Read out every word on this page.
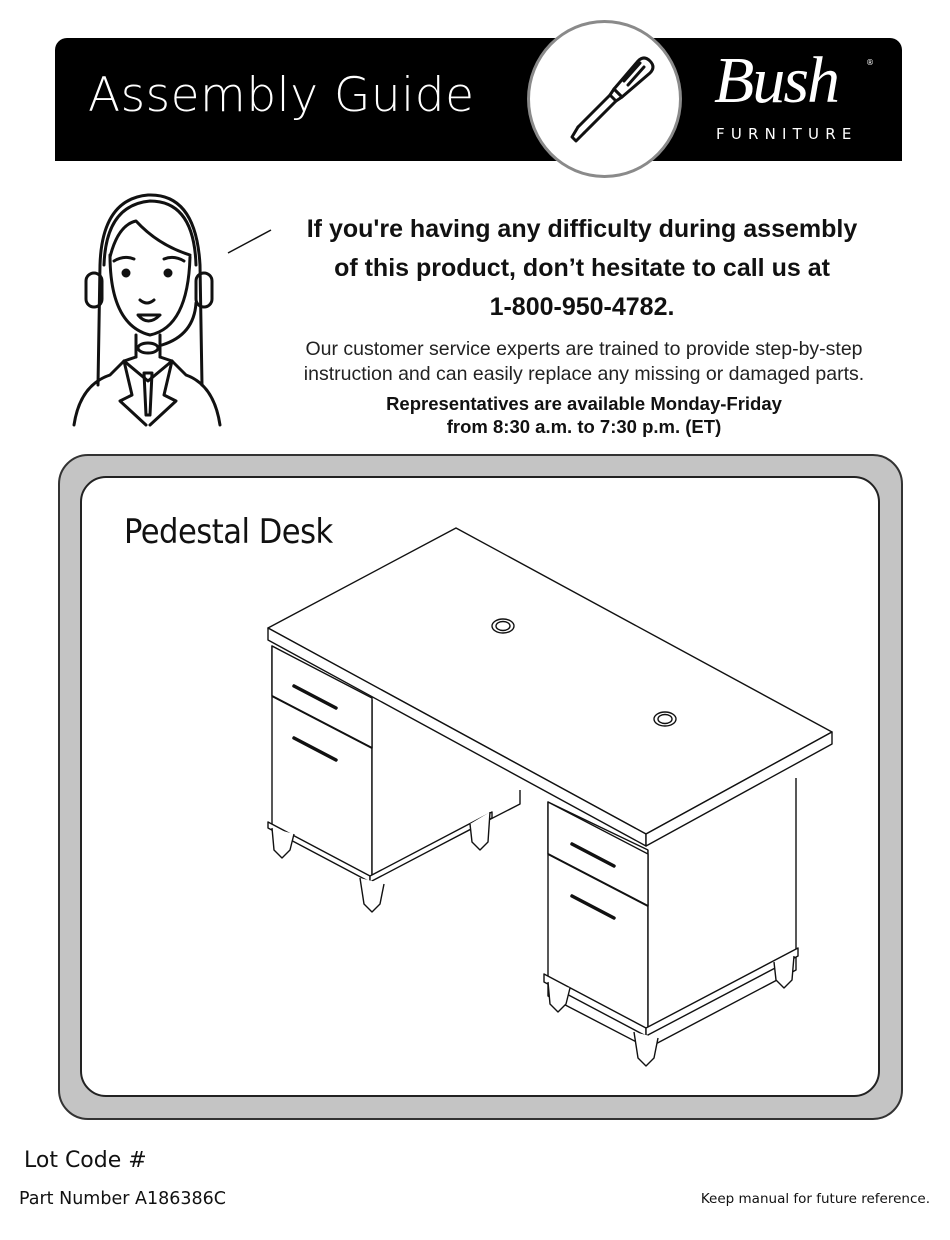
Assembly Guide	Bush	®
FURNITURE
If you're having any difficulty during assembly
of this product, don’t hesitate to call us at
1-800-950-4782.
Our customer service experts are trained to provide step-by-step
instruction and can easily replace any missing or damaged parts.
Representatives are available Monday-Friday
from 8:30 a.m. to 7:30 p.m. (ET)
Pedestal Desk
Lot Code #
Part Number A186386C	Keep manual for future reference.
